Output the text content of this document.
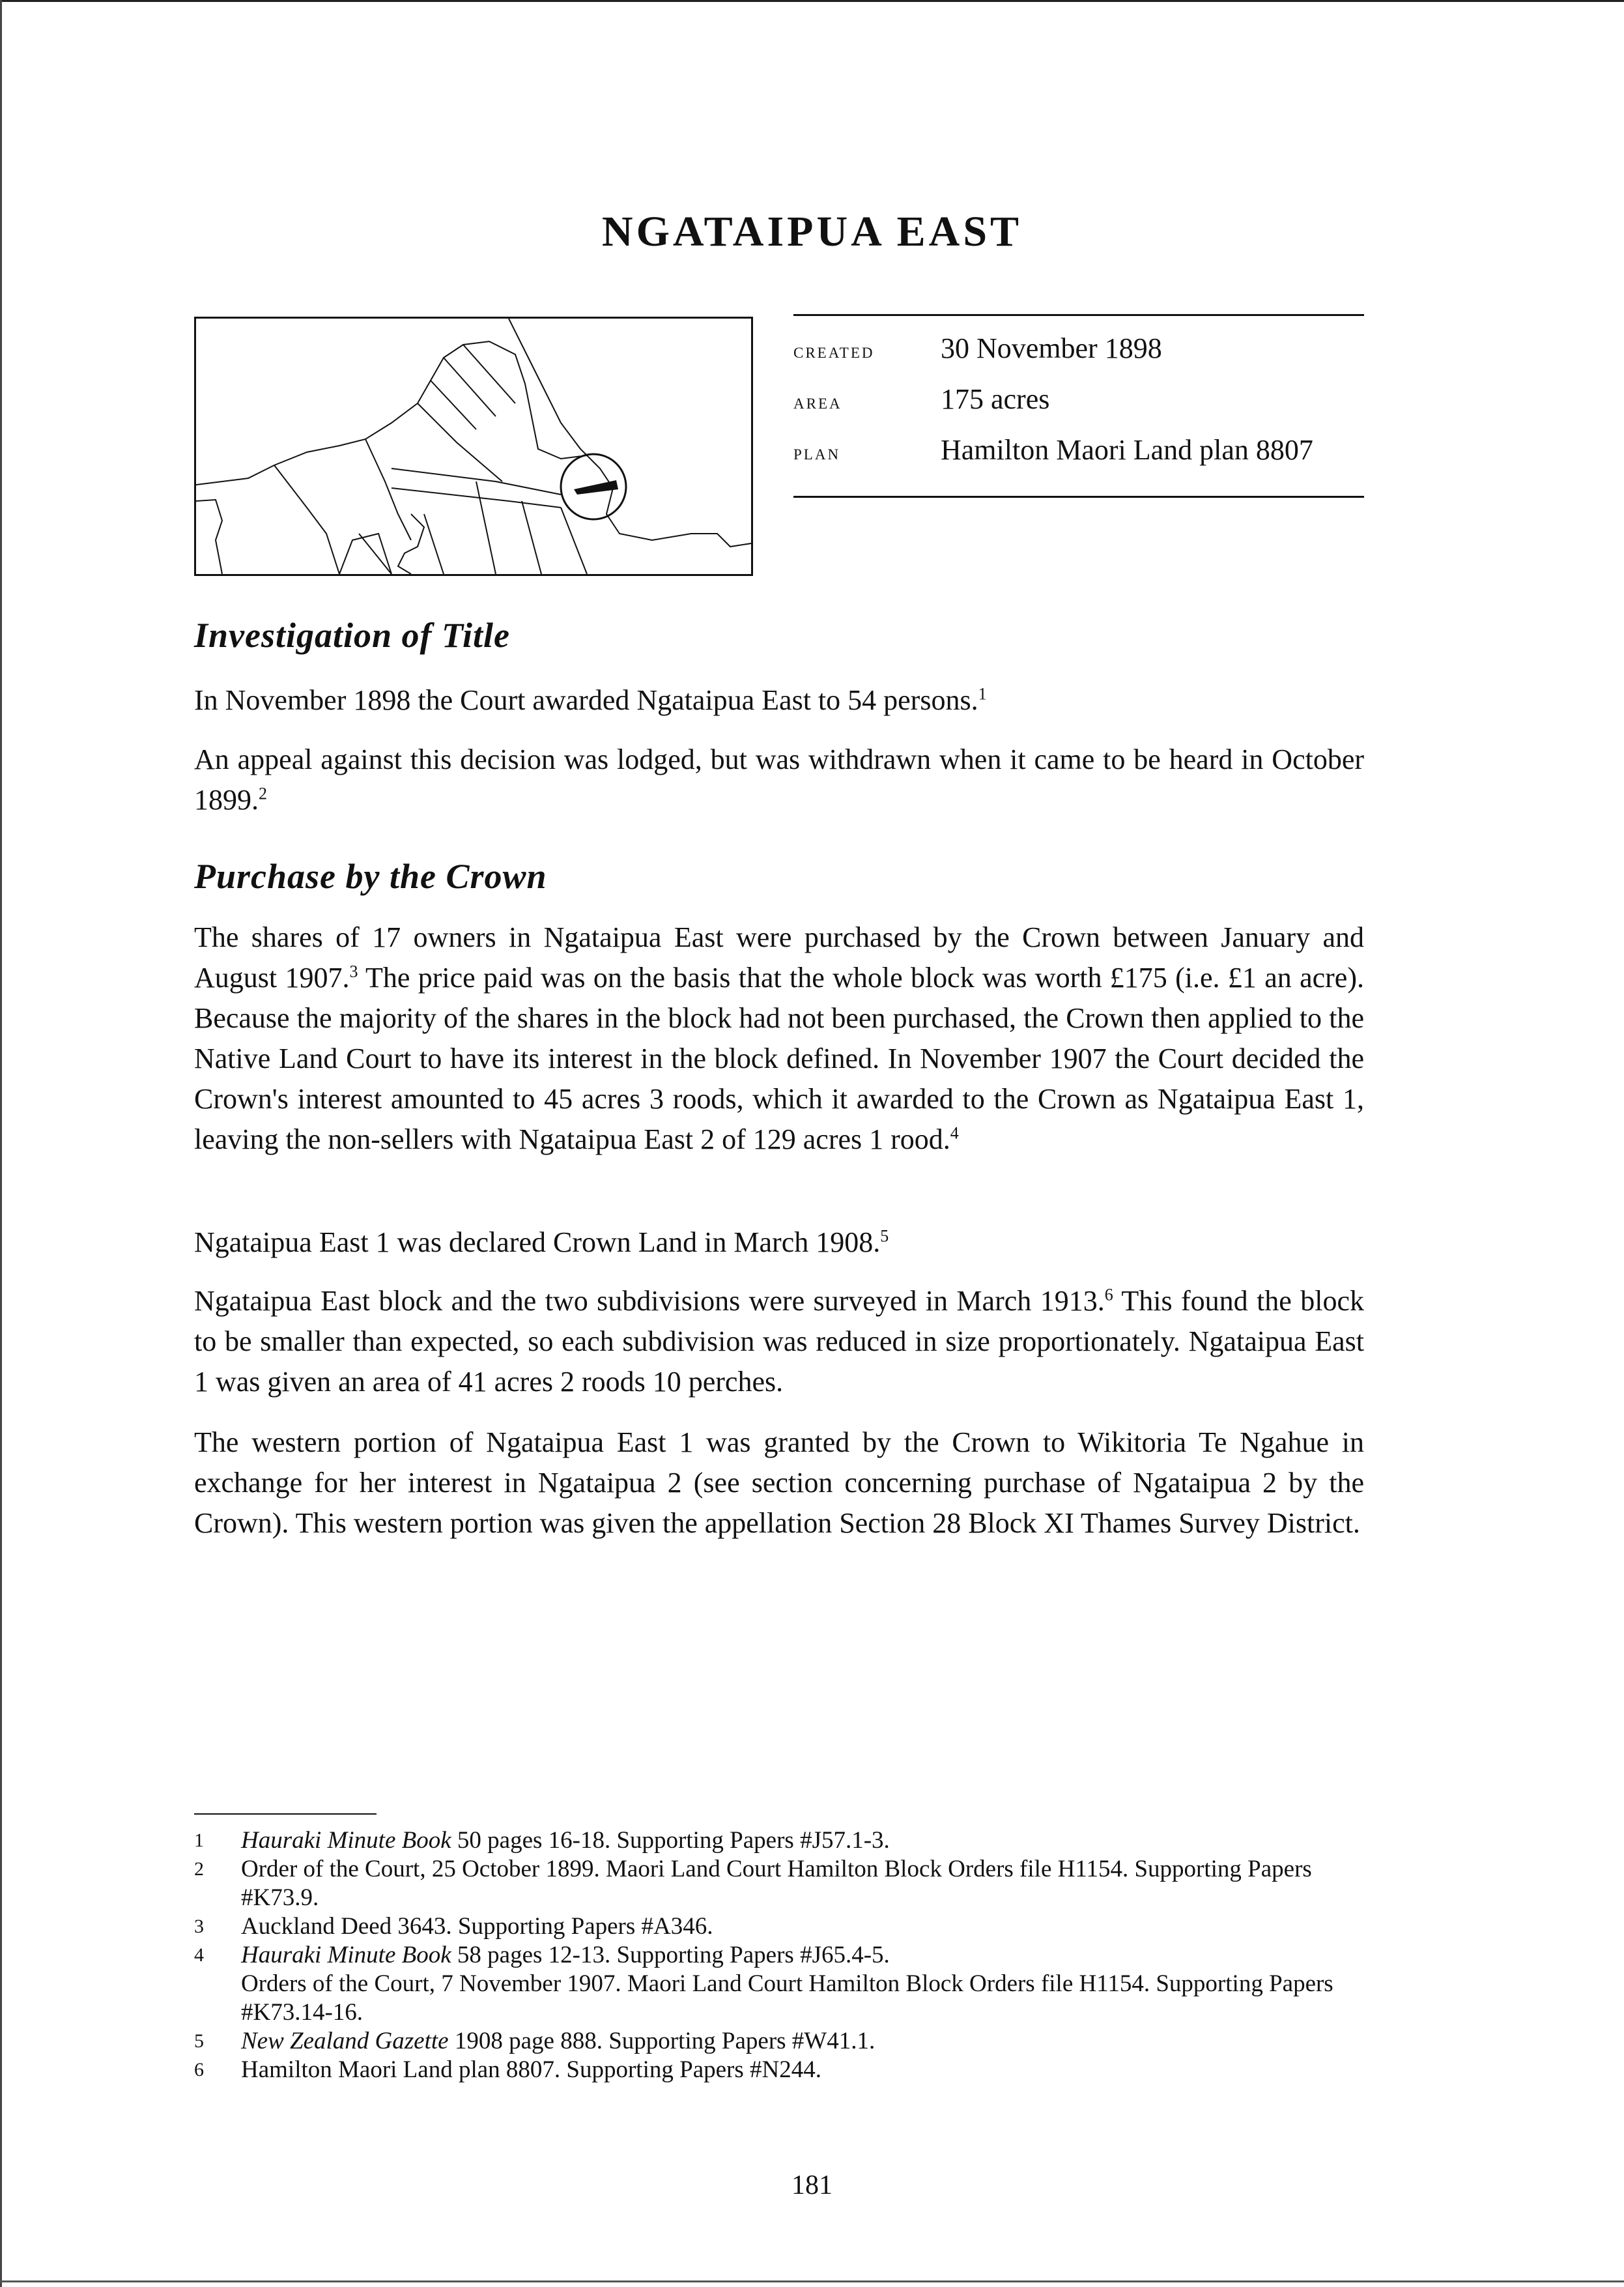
NGATAIPUA EAST
created	30 November 1898
area	175 acres
plan	Hamilton Maori Land plan 8807
Investigation of Title

In November 1898 the Court awarded Ngataipua East to 54 persons.$^1$

An appeal against this decision was lodged, but was withdrawn when it came to be heard in October 1899.$^2$

Purchase by the Crown

The shares of 17 owners in Ngataipua East were purchased by the Crown between January and August 1907.$^3$ The price paid was on the basis that the whole block was worth £175 (i.e. £1 an acre). Because the majority of the shares in the block had not been purchased, the Crown then applied to the Native Land Court to have its interest in the block defined. In November 1907 the Court decided the Crown's interest amounted to 45 acres 3 roods, which it awarded to the Crown as Ngataipua East 1, leaving the non-sellers with Ngataipua East 2 of 129 acres 1 rood.$^4$

Ngataipua East 1 was declared Crown Land in March 1908.$^5$

Ngataipua East block and the two subdivisions were surveyed in March 1913.$^6$ This found the block to be smaller than expected, so each subdivision was reduced in size proportionately. Ngataipua East 1 was given an area of 41 acres 2 roods 10 perches.

The western portion of Ngataipua East 1 was granted by the Crown to Wikitoria Te Ngahue in exchange for her interest in Ngataipua 2 (see section concerning purchase of Ngataipua 2 by the Crown). This western portion was given the appellation Section 28 Block XI Thames Survey District.

1	Hauraki Minute Book 50 pages 16-18. Supporting Papers #J57.1-3.
2	Order of the Court, 25 October 1899. Maori Land Court Hamilton Block Orders file H1154. Supporting Papers #K73.9.
3	Auckland Deed 3643. Supporting Papers #A346.
4	Hauraki Minute Book 58 pages 12-13. Supporting Papers #J65.4-5.
Orders of the Court, 7 November 1907. Maori Land Court Hamilton Block Orders file H1154. Supporting Papers #K73.14-16.
5	New Zealand Gazette 1908 page 888. Supporting Papers #W41.1.
6	Hamilton Maori Land plan 8807. Supporting Papers #N244.
181
